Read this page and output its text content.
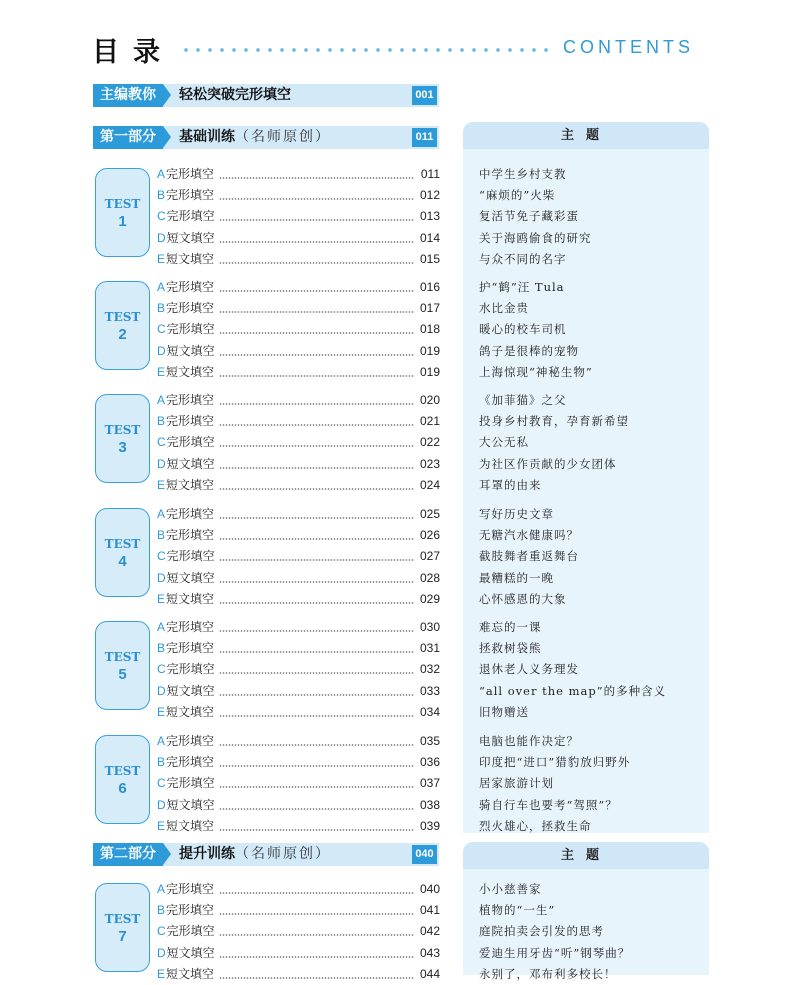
目录	CONTENTS
主编教你	轻松突破完形填空	001
第一部分	基础训练（名师原创）	011
第二部分	提升训练（名师原创）	040
主题
主题
TEST
1
A完形填空	011	中学生乡村支教
B完形填空	012	“麻烦的”火柴
C完形填空	013	复活节免子藏彩蛋
D短文填空	014	关于海鸥偷食的研究
E短文填空	015	与众不同的名字
TEST
2
A完形填空	016	护“鹤”汪 Tula
B完形填空	017	水比金贵
C完形填空	018	暖心的校车司机
D短文填空	019	鸽子是很棒的宠物
E短文填空	019	上海惊现“神秘生物”
TEST
3
A完形填空	020	《加菲猫》之父
B完形填空	021	投身乡村教育，孕育新希望
C完形填空	022	大公无私
D短文填空	023	为社区作贡献的少女团体
E短文填空	024	耳罩的由来
TEST
4
A完形填空	025	写好历史文章
B完形填空	026	无糖汽水健康吗？
C完形填空	027	截肢舞者重返舞台
D短文填空	028	最糟糕的一晚
E短文填空	029	心怀感恩的大象
TEST
5
A完形填空	030	难忘的一课
B完形填空	031	拯救树袋熊
C完形填空	032	退休老人义务理发
D短文填空	033	“all over the map”的多种含义
E短文填空	034	旧物赠送
TEST
6
A完形填空	035	电脑也能作决定？
B完形填空	036	印度把“进口”猎豹放归野外
C完形填空	037	居家旅游计划
D短文填空	038	骑自行车也要考“驾照”？
E短文填空	039	烈火雄心，拯救生命
TEST
7
A完形填空	040	小小慈善家
B完形填空	041	植物的“一生”
C完形填空	042	庭院拍卖会引发的思考
D短文填空	043	爱迪生用牙齿“听”钢琴曲？
E短文填空	044	永别了，邓布利多校长！
